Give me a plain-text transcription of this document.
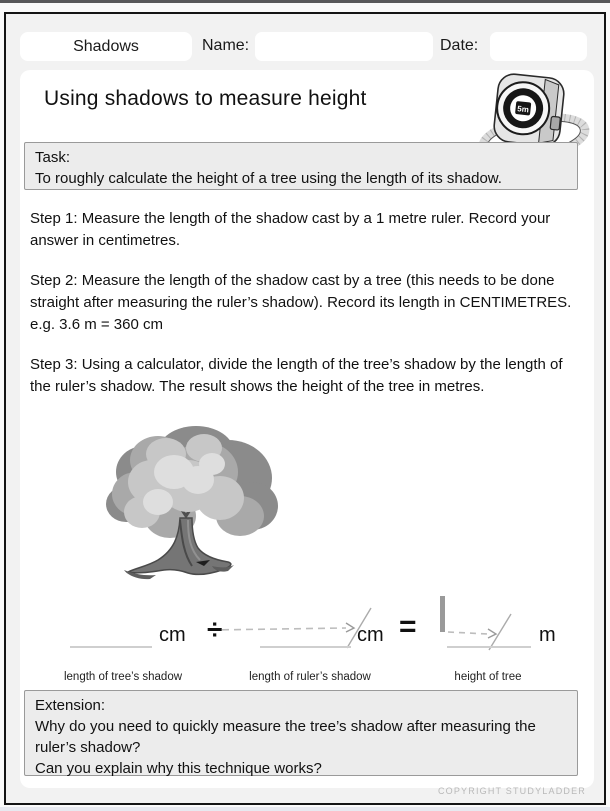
Shadows	Name:	Date:
Using shadows to measure height	5m
Task:
To roughly calculate the height of a tree using the length of its shadow.

Step 1: Measure the length of the shadow cast by a 1 metre ruler. Record your answer in centimetres.

Step 2: Measure the length of the shadow cast by a tree (this needs to be done straight after measuring the ruler’s shadow). Record its length in CENTIMETRES. e.g. 3.6 m = 360 cm

Step 3: Using a calculator, divide the length of the tree’s shadow by the length of the ruler’s shadow. The result shows the height of the tree in metres.

cm ÷	cm =	m
length of tree’s shadow	length of ruler’s shadow	height of tree
Extension:
Why do you need to quickly measure the tree’s shadow after measuring the ruler’s shadow?
Can you explain why this technique works?
COPYRIGHT STUDYLADDER
